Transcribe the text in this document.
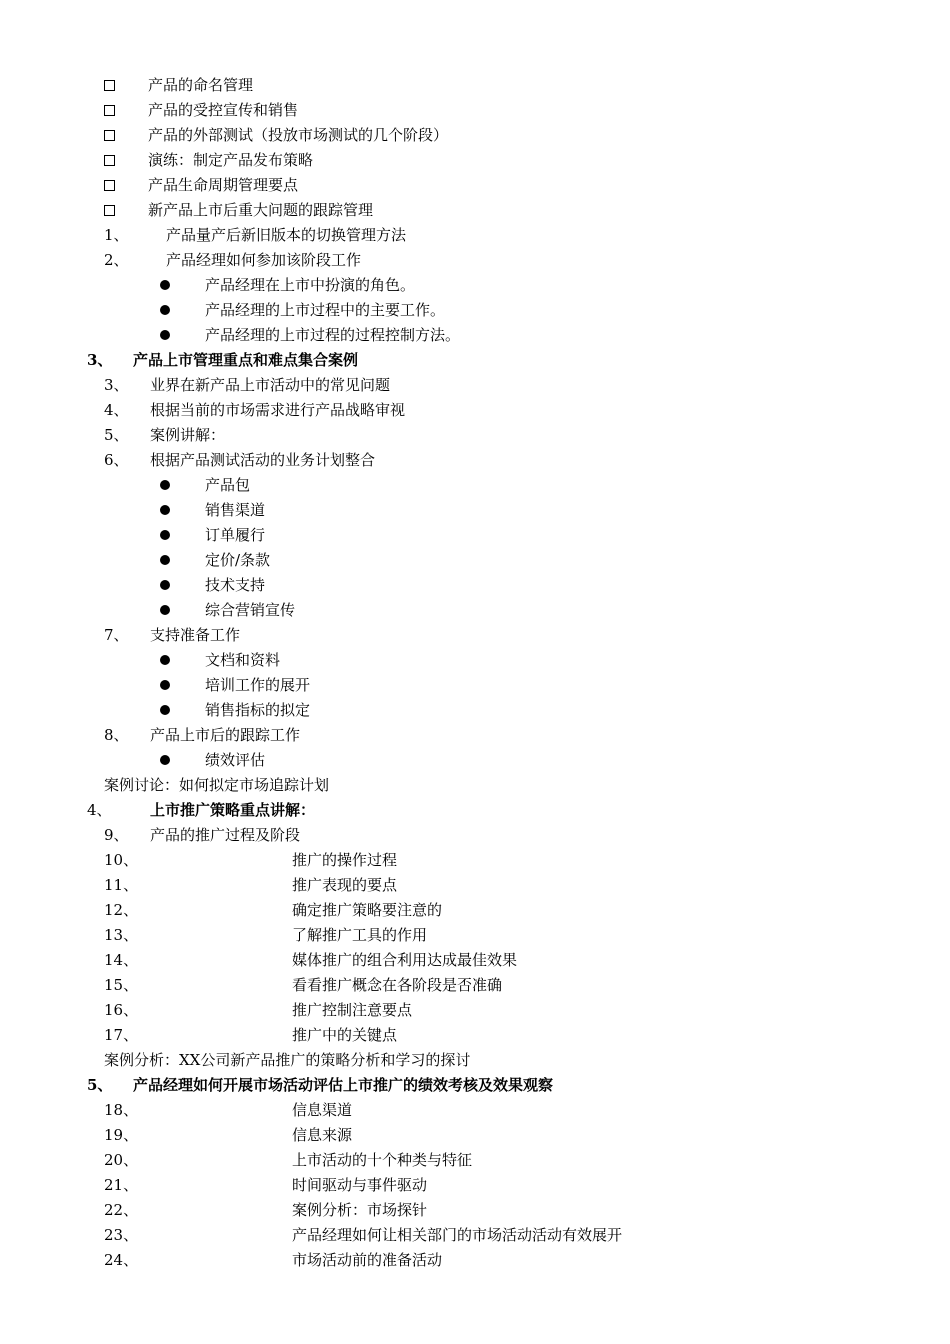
产品的命名管理
产品的受控宣传和销售
产品的外部测试（投放市场测试的几个阶段）
演练：制定产品发布策略
产品生命周期管理要点
新产品上市后重大问题的跟踪管理
1、 产品量产后新旧版本的切换管理方法
2、 产品经理如何参加该阶段工作
产品经理在上市中扮演的角色。
产品经理的上市过程中的主要工作。
产品经理的上市过程的过程控制方法。
3、 产品上市管理重点和难点集合案例
3、 业界在新产品上市活动中的常见问题
4、 根据当前的市场需求进行产品战略审视
5、 案例讲解：
6、 根据产品测试活动的业务计划整合
产品包
销售渠道
订单履行
定价/条款
技术支持
综合营销宣传
7、 支持准备工作
文档和资料
培训工作的展开
销售指标的拟定
8、 产品上市后的跟踪工作
绩效评估
案例讨论：如何拟定市场追踪计划
4、	上市推广策略重点讲解：
9、 产品的推广过程及阶段
10、	推广的操作过程
11、	推广表现的要点
12、	确定推广策略要注意的
13、	了解推广工具的作用
14、	媒体推广的组合利用达成最佳效果
15、	看看推广概念在各阶段是否准确
16、	推广控制注意要点
17、	推广中的关键点
案例分析：XX公司新产品推广的策略分析和学习的探讨
5、 产品经理如何开展市场活动评估上市推广的绩效考核及效果观察
18、	信息渠道
19、	信息来源
20、	上市活动的十个种类与特征
21、	时间驱动与事件驱动
22、	案例分析：市场探针
23、	产品经理如何让相关部门的市场活动活动有效展开
24、	市场活动前的准备活动
